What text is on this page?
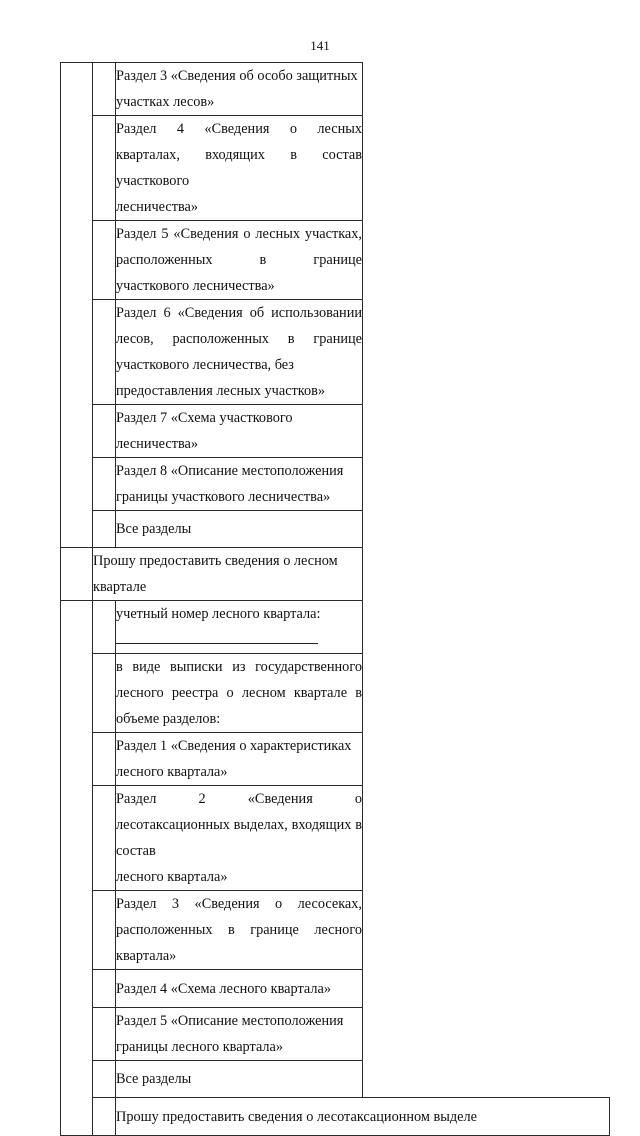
141
		Раздел 3 «Сведения об особо защитных участках лесов»

		Раздел 4 «Сведения о лесных кварталах, входящих в состав участкового
лесничества»

		Раздел 5 «Сведения о лесных участках, расположенных в границе
участкового лесничества»

		Раздел 6 «Сведения об использовании лесов, расположенных в границе
участкового лесничества, без предоставления лесных участков»

		Раздел 7 «Схема участкового лесничества»
		Раздел 8 «Описание местоположения границы участкового лесничества»
		Все разделы
	Прошу предоставить сведения о лесном квартале	
		учетный номер лесного квартала:

		в виде выписки из государственного лесного реестра о лесном квартале в
объеме разделов:

		Раздел 1 «Сведения о характеристиках лесного квартала»

		Раздел 2 «Сведения о лесотаксационных выделах, входящих в состав
лесного квартала»

		Раздел 3 «Сведения о лесосеках, расположенных в границе лесного
квартала»

		Раздел 4 «Схема лесного квартала»
		Раздел 5 «Описание местоположения границы лесного квартала»
		Все разделы
		Прошу предоставить сведения о лесотаксационном выделе
